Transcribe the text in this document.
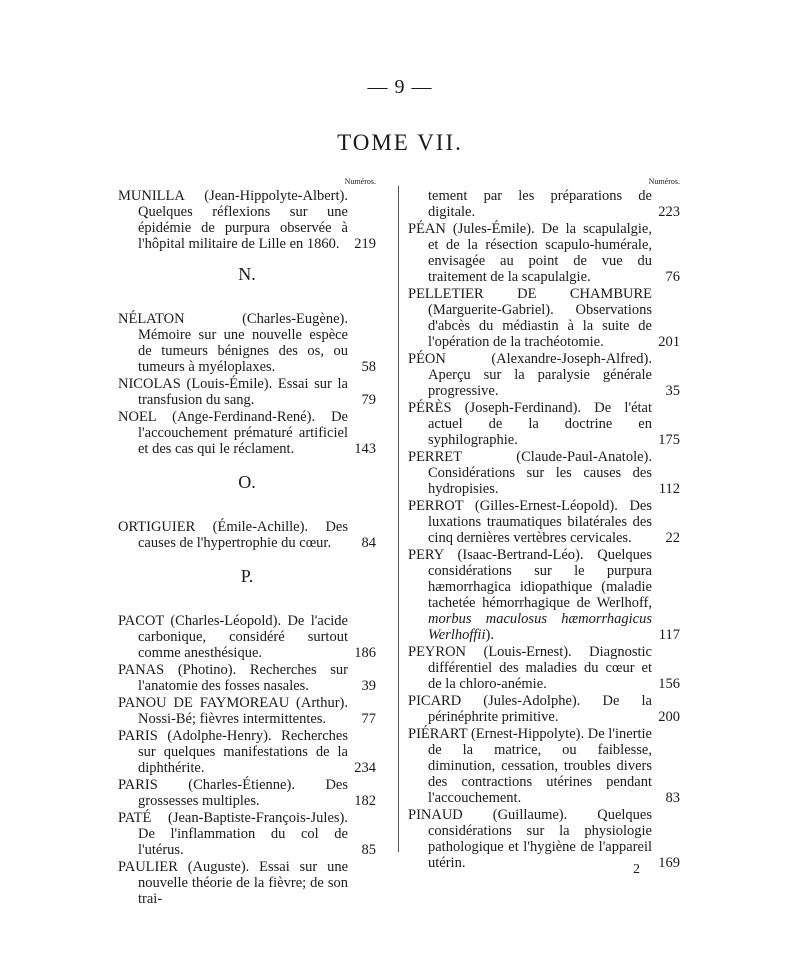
— 9 —
TOME VII.
Numéros.
MUNILLA (Jean-Hippolyte-Albert). Quelques réflexions sur une épidémie de purpura observée à l'hôpital militaire de Lille en 1860. 219
N.
NÉLATON (Charles-Eugène). Mémoire sur une nouvelle espèce de tumeurs bénignes des os, ou tumeurs à myéloplaxes.	58
NICOLAS (Louis-Émile). Essai sur la transfusion du sang.	79
NOEL (Ange-Ferdinand-René). De l'accouchement prématuré artificiel et des cas qui le réclament.	143
O.
ORTIGUIER (Émile-Achille). Des causes de l'hypertrophie du cœur. 84
P.
PACOT (Charles-Léopold). De l'acide carbonique, considéré surtout comme anesthésique.	186
PANAS (Photino). Recherches sur l'anatomie des fosses nasales.	39
PANOU DE FAYMOREAU (Arthur). Nossi-Bé; fièvres intermittentes. 77
PARIS (Adolphe-Henry). Recherches sur quelques manifestations de la diphthérite.	234
PARIS (Charles-Étienne). Des grossesses multiples.	182
PATÉ (Jean-Baptiste-François-Jules). De l'inflammation du col de l'utérus.	85
PAULIER (Auguste). Essai sur une nouvelle théorie de la fièvre; de son trai-
Numéros.
tement par les préparations de digitale.	223
PÉAN (Jules-Émile). De la scapulalgie, et de la résection scapulo-humérale, envisagée au point de vue du traitement de la scapulalgie.	76
PELLETIER DE CHAMBURE (Marguerite-Gabriel). Observations d'abcès du médiastin à la suite de l'opération de la trachéotomie.	201
PÉON (Alexandre-Joseph-Alfred). Aperçu sur la paralysie générale progressive.	35
PÉRÈS (Joseph-Ferdinand). De l'état actuel de la doctrine en syphilographie.	175
PERRET (Claude-Paul-Anatole). Considérations sur les causes des hydropisies.	112
PERROT (Gilles-Ernest-Léopold). Des luxations traumatiques bilatérales des cinq dernières vertèbres cervicales. 22
PERY (Isaac-Bertrand-Léo). Quelques considérations sur le purpura hæmorrhagica idiopathique (maladie tachetée hémorrhagique de Werlhoff, morbus maculosus hæmorrhagicus Werlhoffii).	117
PEYRON (Louis-Ernest). Diagnostic différentiel des maladies du cœur et de la chloro-anémie.	156
PICARD (Jules-Adolphe). De la périnéphrite primitive.	200
PIÉRART (Ernest-Hippolyte). De l'inertie de la matrice, ou faiblesse, diminution, cessation, troubles divers des contractions utérines pendant l'accouchement.	83
PINAUD (Guillaume). Quelques considérations sur la physiologie pathologique et l'hygiène de l'appareil utérin.	169
2
